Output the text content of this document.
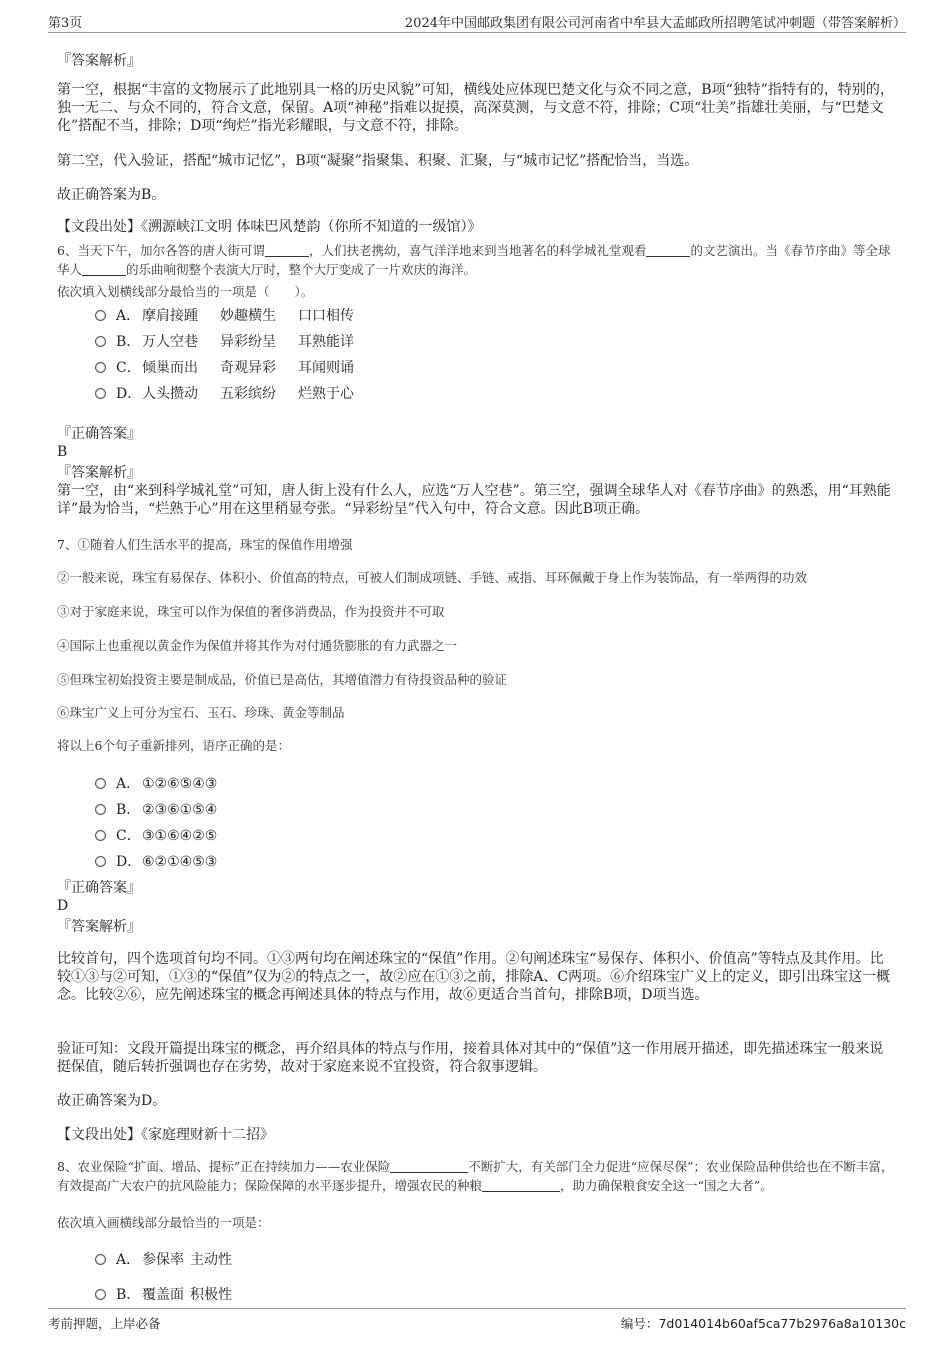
第3页	2024年中国邮政集团有限公司河南省中牟县大孟邮政所招聘笔试冲刺题（带答案解析）
『答案解析』

第一空，根据“丰富的文物展示了此地别具一格的历史风貌”可知，横线处应体现巴楚文化与众不同之意，B项“独特”指特有的，特别的，独一无二、与众不同的，符合文意，保留。A项“神秘”指难以捉摸，高深莫测，与文意不符，排除；C项“壮美”指雄壮美丽，与“巴楚文化”搭配不当，排除；D项“绚烂”指光彩耀眼，与文意不符，排除。

第二空，代入验证，搭配“城市记忆”，B项“凝聚”指聚集、积聚、汇聚，与“城市记忆”搭配恰当，当选。

故正确答案为B。

【文段出处】《溯源峡江文明 体味巴风楚韵（你所不知道的一级馆）》

6、当天下午，加尔各答的唐人街可谓	，人们扶老携幼，喜气洋洋地来到当地著名的科学城礼堂观看	的文艺演出。当《春节序曲》等全球华人	的乐曲响彻整个表演大厅时，整个大厅变成了一片欢庆的海洋。

依次填入划横线部分最恰当的一项是（　　）。

A． 摩肩接踵 妙趣横生 口口相传
B． 万人空巷 异彩纷呈 耳熟能详
C．倾巢而出 奇观异彩 耳闻则诵
D．人头攒动 五彩缤纷 烂熟于心
『正确答案』
B
『答案解析』

第一空，由“来到科学城礼堂”可知，唐人街上没有什么人，应选“万人空巷”。第三空，强调全球华人对《春节序曲》的熟悉，用“耳熟能详”最为恰当，“烂熟于心”用在这里稍显夸张。“异彩纷呈”代入句中，符合文意。因此B项正确。

7、①随着人们生活水平的提高，珠宝的保值作用增强

②一般来说，珠宝有易保存、体积小、价值高的特点，可被人们制成项链、手链、戒指、耳环佩戴于身上作为装饰品，有一举两得的功效

③对于家庭来说，珠宝可以作为保值的奢侈消费品，作为投资并不可取

④国际上也重视以黄金作为保值并将其作为对付通货膨胀的有力武器之一

⑤但珠宝初始投资主要是制成品，价值已是高估，其增值潜力有待投资品种的验证

⑥珠宝广义上可分为宝石、玉石、珍珠、黄金等制品

将以上6个句子重新排列，语序正确的是：

A． ①②⑥⑤④③
B． ②③⑥①⑤④
C．③①⑥④②⑤
D．⑥②①④⑤③
『正确答案』
D
『答案解析』

比较首句，四个选项首句均不同。①③两句均在阐述珠宝的“保值”作用。②句阐述珠宝“易保存、体积小、价值高”等特点及其作用。比较①③与②可知，①③的“保值”仅为②的特点之一，故②应在①③之前，排除A、C两项。⑥介绍珠宝广义上的定义，即引出珠宝这一概念。比较②⑥，应先阐述珠宝的概念再阐述具体的特点与作用，故⑥更适合当首句，排除B项，D项当选。

验证可知：文段开篇提出珠宝的概念，再介绍具体的特点与作用，接着具体对其中的“保值”这一作用展开描述，即先描述珠宝一般来说挺保值，随后转折强调也存在劣势，故对于家庭来说不宜投资，符合叙事逻辑。

故正确答案为D。

【文段出处】《家庭理财新十二招》

8、农业保险“扩面、增品、提标”正在持续加力——农业保险	不断扩大，有关部门全力促进“应保尽保”；农业保险品种供给也在不断丰富，有效提高广大农户的抗风险能力；保险保障的水平逐步提升，增强农民的种粮	，助力确保粮食安全这一“国之大者”。

依次填入画横线部分最恰当的一项是：

A． 参保率 主动性
B． 覆盖面 积极性
考前押题，上岸必备	编号：7d014014b60af5ca77b2976a8a10130c
